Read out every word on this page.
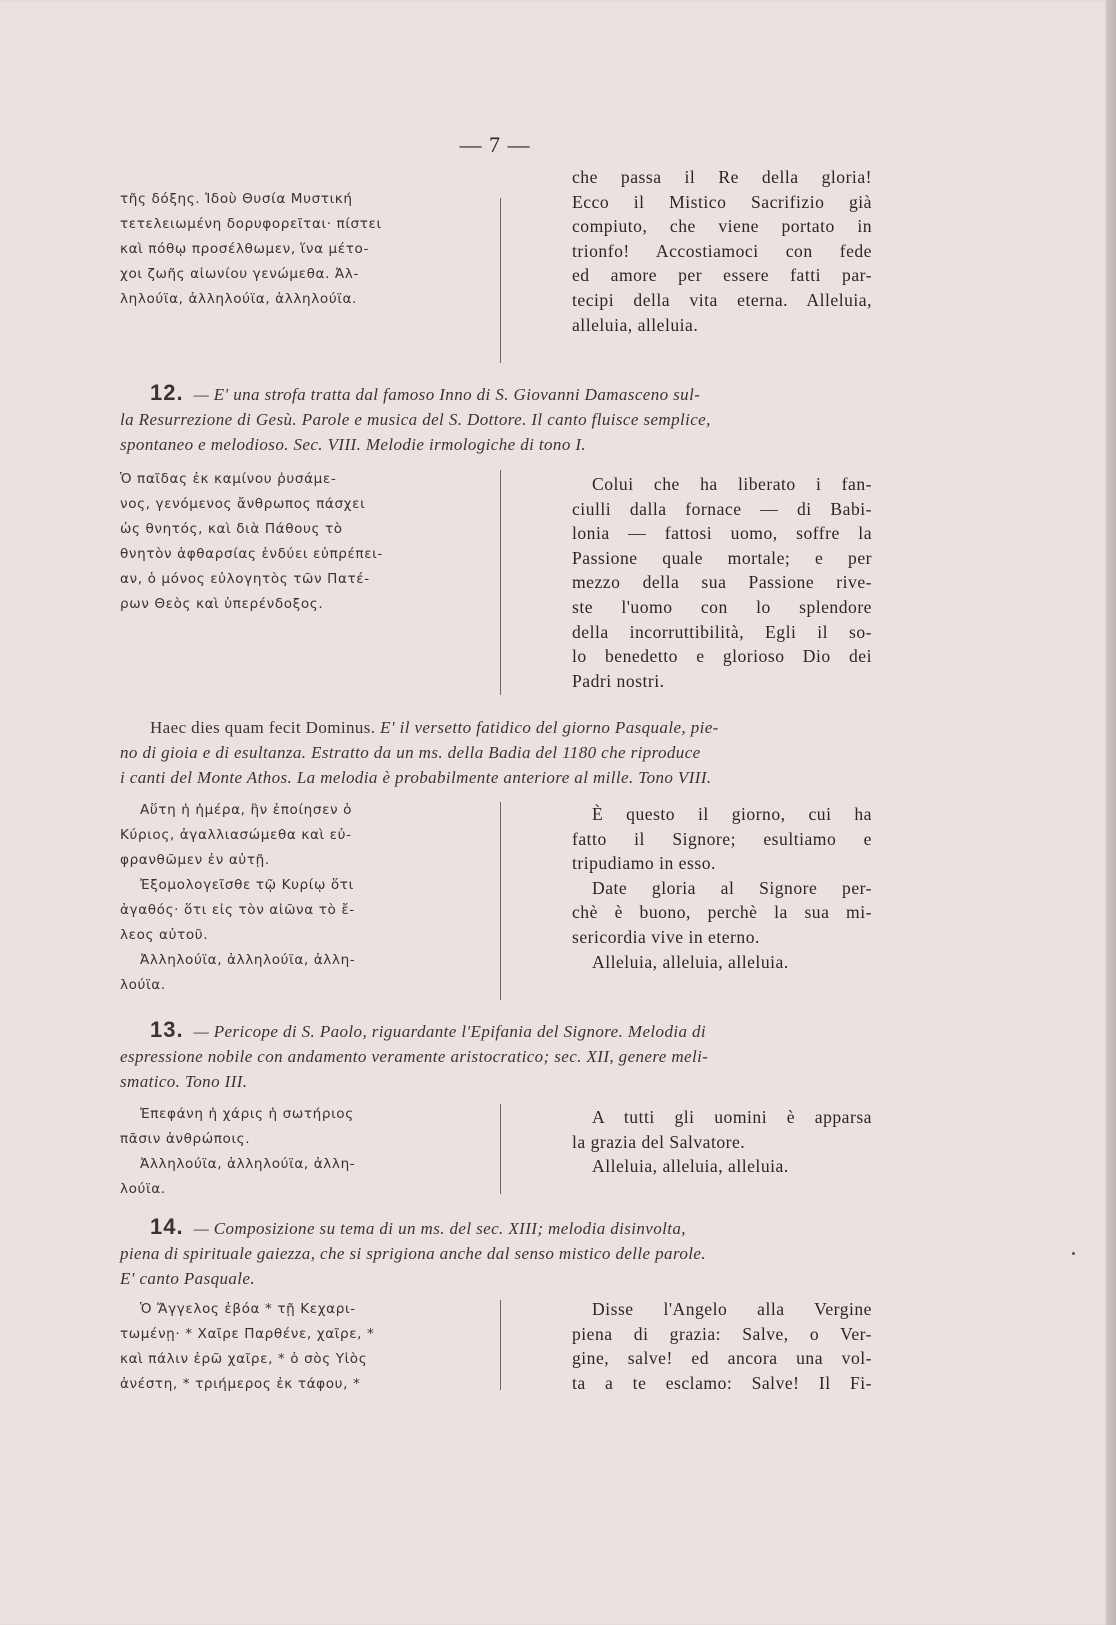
— 7 —
τῆς δόξης. Ἰδοὺ Θυσία Μυστική
τετελειωμένη δορυφορεῖται· πίστει
καὶ πόθῳ προσέλθωμεν, ἵνα μέτο-
χοι ζωῆς αἰωνίου γενώμεθα. Ἀλ-
ληλούϊα, ἀλληλούϊα, ἀλληλούϊα.
che passa il Re della gloria!
Ecco il Mistico Sacrifizio già
compiuto, che viene portato in
trionfo! Accostiamoci con fede
ed amore per essere fatti par-
tecipi della vita eterna. Alleluia,
alleluia, alleluia.
12. — E' una strofa tratta dal famoso Inno di S. Giovanni Damasceno sul-
la Resurrezione di Gesù. Parole e musica del S. Dottore. Il canto fluisce semplice,
spontaneo e melodioso. Sec. VIII. Melodie irmologiche di tono I.
Ὁ παῖδας ἐκ καμίνου ῥυσάμε-
νος, γενόμενος ἄνθρωπος πάσχει
ὡς θνητός, καὶ διὰ Πάθους τὸ
θνητὸν ἀφθαρσίας ἐνδύει εὐπρέπει-
αν, ὁ μόνος εὐλογητὸς τῶν Πατέ-
ρων Θεὸς καὶ ὑπερένδοξος.
Colui che ha liberato i fan-
ciulli dalla fornace — di Babi-
lonia — fattosi uomo, soffre la
Passione quale mortale; e per
mezzo della sua Passione rive-
ste l'uomo con lo splendore
della incorruttibilità, Egli il so-
lo benedetto e glorioso Dio dei
Padri nostri.
Haec dies quam fecit Dominus. E' il versetto fatidico del giorno Pasquale, pie-
no di gioia e di esultanza. Estratto da un ms. della Badia del 1180 che riproduce
i canti del Monte Athos. La melodia è probabilmente anteriore al mille. Tono VIII.
Αὕτη ἡ ἡμέρα, ἣν ἐποίησεν ὁ
Κύριος, ἀγαλλιασώμεθα καὶ εὐ-
φρανθῶμεν ἐν αὐτῇ.
Ἐξομολογεῖσθε τῷ Κυρίῳ ὅτι
ἀγαθός· ὅτι εἰς τὸν αἰῶνα τὸ ἔ-
λεος αὐτοῦ.
Ἀλληλούϊα, ἀλληλούϊα, ἀλλη-
λούϊα.
È questo il giorno, cui ha
fatto il Signore; esultiamo e
tripudiamo in esso.
Date gloria al Signore per-
chè è buono, perchè la sua mi-
sericordia vive in eterno.
Alleluia, alleluia, alleluia.
13. — Pericope di S. Paolo, riguardante l'Epifania del Signore. Melodia di
espressione nobile con andamento veramente aristocratico; sec. XII, genere meli-
smatico. Tono III.
Ἐπεφάνη ἡ χάρις ἡ σωτήριος
πᾶσιν ἀνθρώποις.
Ἀλληλούϊα, ἀλληλούϊα, ἀλλη-
λούϊα.
A tutti gli uomini è apparsa
la grazia del Salvatore.
Alleluia, alleluia, alleluia.
14. — Composizione su tema di un ms. del sec. XIII; melodia disinvolta,
piena di spirituale gaiezza, che si sprigiona anche dal senso mistico delle parole.
E' canto Pasquale.
Ὁ Ἄγγελος ἐβόα * τῇ Κεχαρι-
τωμένῃ· * Χαῖρε Παρθένε, χαῖρε, *
καὶ πάλιν ἐρῶ χαῖρε, * ὁ σὸς Υἱὸς
ἀνέστη, * τριήμερος ἐκ τάφου, *
Disse l'Angelo alla Vergine
piena di grazia: Salve, o Ver-
gine, salve! ed ancora una vol-
ta a te esclamo: Salve! Il Fi-
